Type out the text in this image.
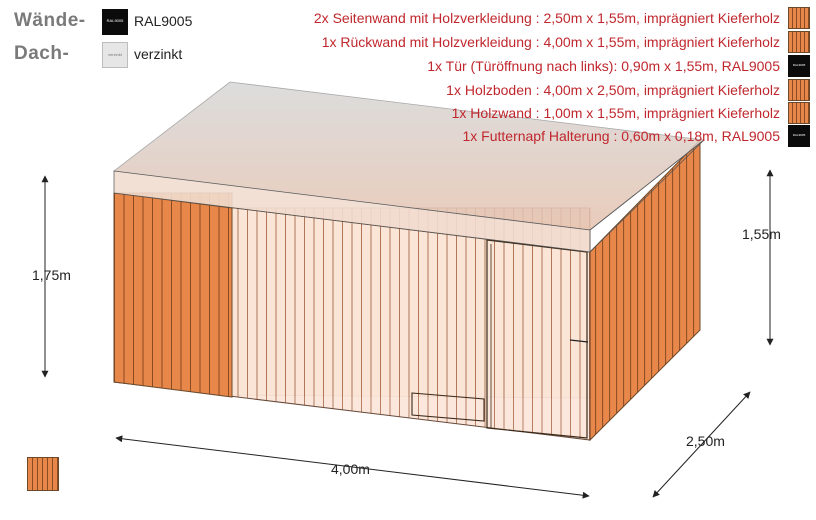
Wände-	RAL9005 RAL9005
Dach-	verzinkt verzinkt
1,75m
1,55m
4,00m
2,50m
2x Seitenwand mit Holzverkleidung : 2,50m x 1,55m, imprägniert Kieferholz
1x Rückwand mit Holzverkleidung : 4,00m x 1,55m, imprägniert Kieferholz
1x Tür (Türöffnung nach links): 0,90m x 1,55m, RAL9005	RAL9005
1x Holzboden : 4,00m x 2,50m, imprägniert Kieferholz
1x Holzwand : 1,00m x 1,55m, imprägniert Kieferholz
1x Futternapf Halterung : 0,60m x 0,18m, RAL9005	RAL9005
